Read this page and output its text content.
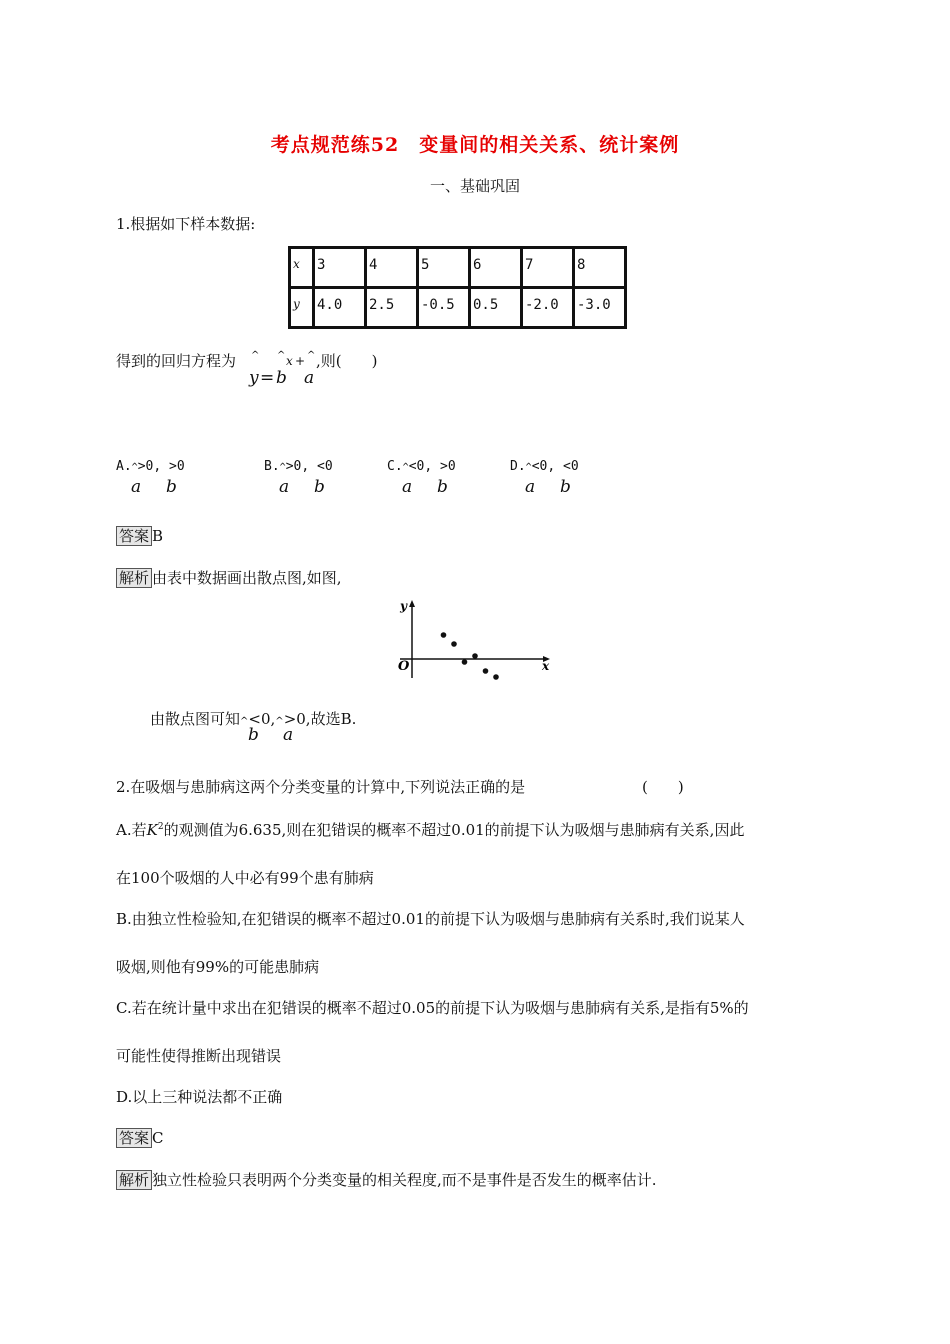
考点规范练52　变量间的相关关系、统计案例
一、基础巩固
1.根据如下样本数据:
x	3	4	5	6	7	8
y	4.0	2.5	-0.5	0.5	-2.0	-3.0
得到的回归方程为 ^ ^ ^
x +
y = b a
,则(　　)
A.^>0, >0
a b
B.^>0, <0
a b
C.^<0, >0
a b
D.^<0, <0
a b
答案 B
解析 由表中数据画出散点图,如图,
y
x
O
由散点图可知^<0,^>0,故选B.
b a
2.在吸烟与患肺病这两个分类变量的计算中,下列说法正确的是	(　　)
A.若$K^2$的观测值为6.635,则在犯错误的概率不超过0.01的前提下认为吸烟与患肺病有关系,因此
在100个吸烟的人中必有99个患有肺病
B.由独立性检验知,在犯错误的概率不超过0.01的前提下认为吸烟与患肺病有关系时,我们说某人
吸烟,则他有99%的可能患肺病
C.若在统计量中求出在犯错误的概率不超过0.05的前提下认为吸烟与患肺病有关系,是指有5%的
可能性使得推断出现错误
D.以上三种说法都不正确
答案 C
解析 独立性检验只表明两个分类变量的相关程度,而不是事件是否发生的概率估计.
